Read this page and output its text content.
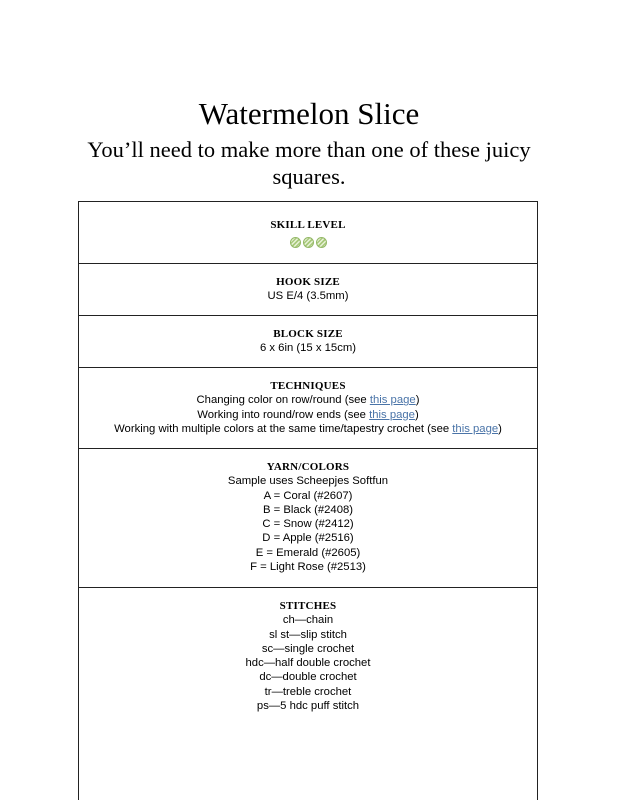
Watermelon Slice
You’ll need to make more than one of these juicy squares.
SKILL LEVEL
HOOK SIZE
US E/4 (3.5mm)
BLOCK SIZE
6 x 6in (15 x 15cm)
TECHNIQUES
Changing color on row/round (see this page)
Working into round/row ends (see this page)
Working with multiple colors at the same time/tapestry crochet (see this page)
YARN/COLORS
Sample uses Scheepjes Softfun
A = Coral (#2607)
B = Black (#2408)
C = Snow (#2412)
D = Apple (#2516)
E = Emerald (#2605)
F = Light Rose (#2513)
STITCHES
ch—chain
sl st—slip stitch
sc—single crochet
hdc—half double crochet
dc—double crochet
tr—treble crochet
ps—5 hdc puff stitch
